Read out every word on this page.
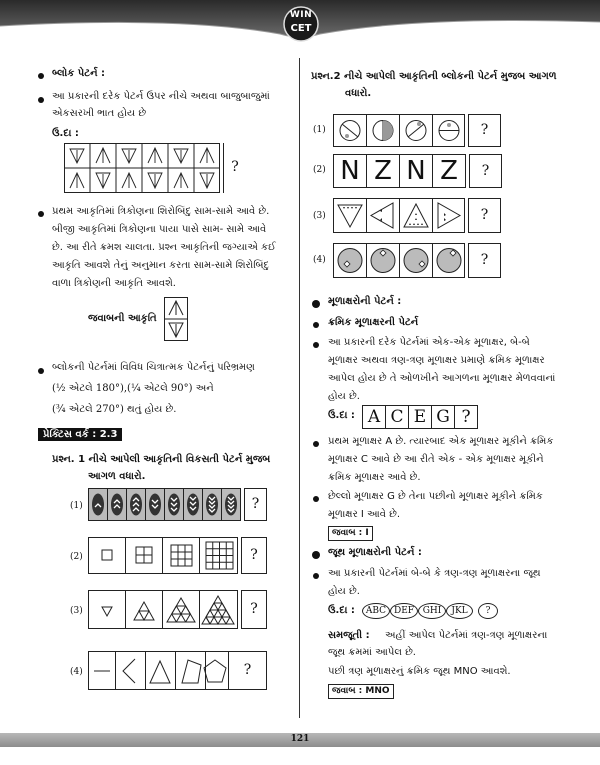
WIN
CET
બ્લોક પેટર્ન :
આ પ્રકારની દરેક પેટર્ન ઉપર નીચે અથવા બાજુબાજુમાં
એકસરખી ભાત હોય છે
ઉ.દા :
?
પ્રથમ આકૃતિમાં ત્રિકોણના શિરોબિંદુ સામ-સામે આવે છે.
બીજી આકૃતિમાં ત્રિકોણના પાયા પાસે સામ- સામે આવે
છે. આ રીતે ક્રમશ ચાલતા. પ્રશ્ન આકૃતિની જગ્યાએ કઈ
આકૃતિ આવશે તેનું અનુમાન કરતા સામ-સામે શિરોબિંદુ
વાળા ત્રિકોણની આકૃતિ આવશે.
જવાબની આકૃતિ
બ્લોકની પેટર્નમાં વિવિધ ચિત્રાત્મક પેટર્નનું પરિભ્રમણ
(½ એટલે 180°),(¼ એટલે 90°) અને
(¾ એટલે 270°) થતું હોય છે.
પ્રેક્ટિસ વર્ક : 2.3
પ્રશ્ન. 1 નીચે આપેલી આકૃતિની વિકસતી પેટર્ન મુજબ
આગળ વધારો.
(1)	?
(2)	?
(3)	?
(4)	?
પ્રશ્ન.2 નીચે આપેલી આકૃતિની બ્લોકની પેટર્ન મુજબ આગળ
વધારો.
(1)	?
(2) N Z N Z	?
(3)	?
(4)	?
મૂળાક્ષરોની પેટર્ન :
ક્રમિક મૂળાક્ષરની પેટર્ન
આ પ્રકારની દરેક પેટર્નમાં એક-એક મૂળાક્ષર, બે-બે
મૂળાક્ષર અથવા ત્રણ-ત્રણ મૂળાક્ષર પ્રમાણે ક્રમિક મૂળાક્ષર
આપેલ હોય છે તે ઓળખીને આગળના મૂળાક્ષર મેળવવાનાં
હોય છે.
ઉ.દા : A C E G ?
પ્રથમ મૂળાક્ષર A છે. ત્યારબાદ એક મૂળાક્ષર મૂકીને ક્રમિક
મૂળાક્ષર C આવે છે આ રીતે એક - એક મૂળાક્ષર મૂકીને
ક્રમિક મૂળાક્ષર આવે છે.
છેલ્લો મૂળાક્ષર G છે તેના પછીનો મૂળાક્ષર મૂકીને ક્રમિક
મૂળાક્ષર I આવે છે.
જવાબ : I
જૂથ મૂળાક્ષરોની પેટર્ન :
આ પ્રકારની પેટર્નમાં બે-બે કે ત્રણ-ત્રણ મૂળાક્ષરના જૂથ
હોય છે.
ઉ.દા :	ABC DEF GHI	JKL	?
સમજૂતી : અહીં આપેલ પેટર્નમાં ત્રણ-ત્રણ મૂળાક્ષરના
જૂથ ક્રમમાં આપેલ છે.
પછી ત્રણ મૂળાક્ષરનું ક્રમિક જૂથ MNO આવશે.
જવાબ : MNO
121
